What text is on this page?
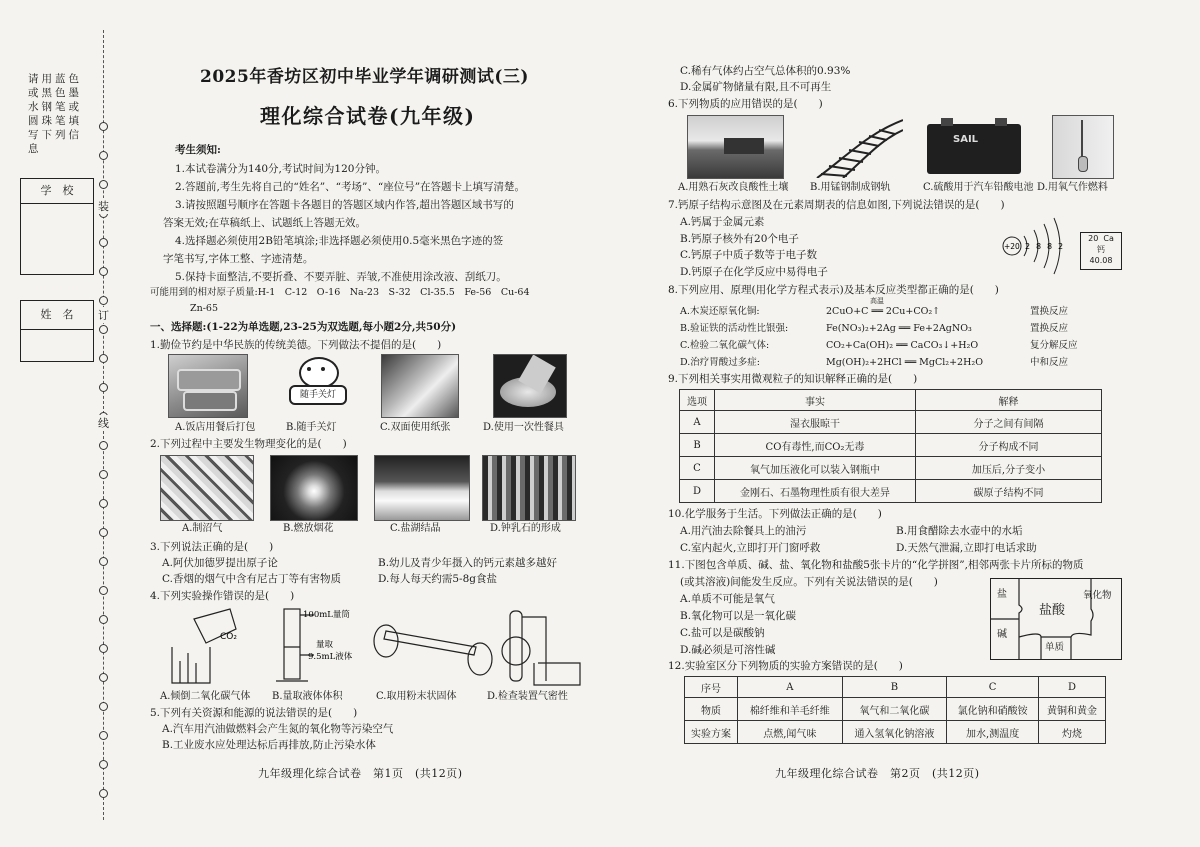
请用蓝色或黑色墨水钢笔或圆珠笔填写下列信息
学　校
姓　名
装
订
线
2025年香坊区初中毕业学年调研测试(三)
理化综合试卷(九年级)
考生须知:
1.本试卷满分为140分,考试时间为120分钟。
2.答题前,考生先将自己的“姓名”、“考场”、“座位号”在答题卡上填写清楚。
3.请按照题号顺序在答题卡各题目的答题区域内作答,超出答题区域书写的
答案无效;在草稿纸上、试题纸上答题无效。
4.选择题必须使用2B铅笔填涂;非选择题必须使用0.5毫米黑色字迹的签
字笔书写,字体工整、字迹清楚。
5.保持卡面整洁,不要折叠、不要弄脏、弄皱,不准使用涂改液、刮纸刀。
可能用到的相对原子质量:H-1　C-12　O-16　Na-23　S-32　Cl-35.5　Fe-56　Cu-64
Zn-65
一、选择题:(1-22为单选题,23-25为双选题,每小题2分,共50分)
1.勤俭节约是中华民族的传统美德。下列做法不提倡的是(　　)
随手关灯
A.饭店用餐后打包	B.随手关灯	C.双面使用纸张	D.使用一次性餐具
2.下列过程中主要发生物理变化的是(　　)
A.制沼气	B.燃放烟花	C.盐湖结晶	D.钟乳石的形成
3.下列说法正确的是(　　)
A.阿伏加德罗提出原子论	B.幼儿及青少年摄入的钙元素越多越好
C.香烟的烟气中含有尼古丁等有害物质	D.每人每天约需5-8g食盐
4.下列实验操作错误的是(　　)
CO₂
100mL量筒
量取
9.5mL液体
A.倾倒二氧化碳气体 B.量取液体体积	C.取用粉末状固体	D.检查装置气密性
5.下列有关资源和能源的说法错误的是(　　)
A.汽车用汽油做燃料会产生氮的氧化物等污染空气
B.工业废水应处理达标后再排放,防止污染水体
九年级理化综合试卷　第1页　(共12页)
C.稀有气体约占空气总体积的0.93%
D.金属矿物储量有限,且不可再生
6.下列物质的应用错误的是(　　)
SAIL
A.用熟石灰改良酸性土壤 B.用锰钢制成钢轨	C.硫酸用于汽车铅酸电池 D.用氧气作燃料
7.钙原子结构示意图及在元素周期表的信息如图,下列说法错误的是(　　)
A.钙属于金属元素
B.钙原子核外有20个电子
C.钙原子中质子数等于电子数
D.钙原子在化学反应中易得电子
+20 2 8 8 2
20 Ca
钙
40.08
8.下列应用、原理(用化学方程式表示)及基本反应类型都正确的是(　　)
A.木炭还原氧化铜:
高温
2CuO+C ══ 2Cu+CO₂↑	置换反应
B.验证铁的活动性比银强:	Fe(NO₃)₂+2Ag ══ Fe+2AgNO₃	置换反应
C.检验二氧化碳气体:	CO₂+Ca(OH)₂ ══ CaCO₃↓+H₂O	复分解反应
D.治疗胃酸过多症:	Mg(OH)₂+2HCl ══ MgCl₂+2H₂O	中和反应
9.下列相关事实用微观粒子的知识解释正确的是(　　)
选项	事实	解释
A	湿衣服晾干	分子之间有间隔
B	CO有毒性,而CO₂无毒	分子构成不同
C	氧气加压液化可以装入钢瓶中	加压后,分子变小
D	金刚石、石墨物理性质有很大差异	碳原子结构不同
10.化学服务于生活。下列做法正确的是(　　)
A.用汽油去除餐具上的油污	B.用食醋除去水壶中的水垢
C.室内起火,立即打开门窗呼救	D.天然气泄漏,立即打电话求助
11.下图包含单质、碱、盐、氧化物和盐酸5张卡片的“化学拼图”,相邻两张卡片所标的物质
(或其溶液)间能发生反应。下列有关说法错误的是(　　)
A.单质不可能是氧气
B.氧化物可以是一氧化碳
C.盐可以是碳酸钠
D.碱必须是可溶性碱
盐
碱
盐酸
氧化物
单质
12.实验室区分下列物质的实验方案错误的是(　　)
序号	A	B	C	D
物质	棉纤维和羊毛纤维	氧气和二氧化碳	氯化钠和硝酸铵	黄铜和黄金
实验方案	点燃,闻气味	通入氢氧化钠溶液	加水,测温度	灼烧
九年级理化综合试卷　第2页　(共12页)
